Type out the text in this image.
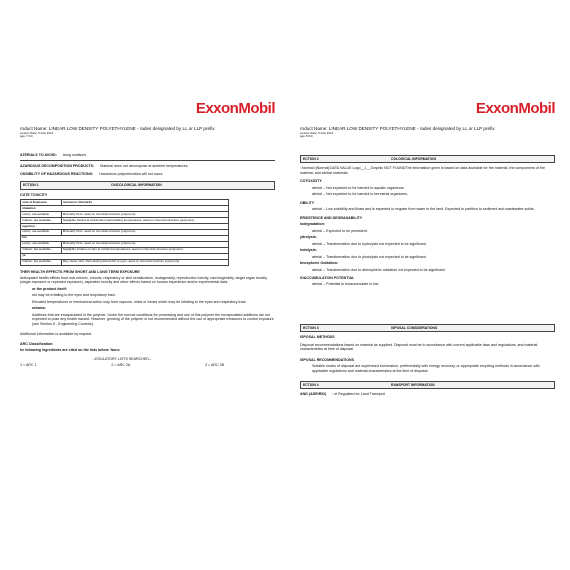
ExxonMobil
roduct Name: LINEAR LOW DENSITY POLYETHYLENE - rades designated by LL or LLP prefix
evision Date: 5 Feb 2012
age 7 f10
ATERIALS TO AVOID: trong oxidisers
AZARDOUS DECOMPOSITION PRODUCTS: Material does not decompose at ambient temperatures.
OSSIBILITY OF HAZARDOUS REACTIONS: Hazardous polymerization will not occur.
ECTION 1	OXICOLOGICAL INFORMATION

CUTE TOXICITY

oute of Exposure	onclusion / Remarks
nhalation	
oxicity: ata available.	Minimally Toxic. ased on chemical structure (polymers).
rritation: ata available.	Negligible hazard at ambient/normal handling temperatures. ased on chemical structure (polymers).
ngestion	
oxicity: ata available.	Minimally Toxic. ased on chemical structure (polymers).
kin	
oxicity: ata available.	Minimally Toxic. ased on chemical structure (polymers).
rritation: ata available.	Negligible irritation to skin at ambient temperatures. ased on chemical structure (polymers).
ye	
rritation: ata available.	May cause mild, short-lasting discomfort to eyes. ased on chemical structure (polymers).

THER HEALTH EFFECTS FROM SHORT AND LONG TERM EXPOSURE

Anticipated health effects from sub-chronic, chronic, respiratory or skin sensitization, mutagenicity, reproductive toxicity, carcinogenicity, target organ toxicity (single exposure or repeated exposure), aspiration toxicity and other effects based on human experience and/or experimental data.

or the product itself:

ust may be irritating to the eyes and respiratory tract.

Elevated temperatures or mechanical action may form vapours, mists or fumes which may be irritating to the eyes and respiratory tract.

ontains:

Additives that are encapsulated in the polymer. Under the normal conditions for processing and use of this polymer the encapsulated additives are not expected to pose any health hazard. However, grinding of the polymer is not recommended without the use of appropriate measures to control exposure (see Section 8 - Engineering Controls).

Additional information is available by request.

ARC Classification:

he following ingredients are cited on the lists below: None.

--EGULATORY LISTS SEARCHED--

1 = ARC 1	2 = ARC 2A	3 = ARC 2B
ExxonMobil
roduct Name: LINEAR LOW DENSITY POLYETHYLENE - rades designated by LL or LLP prefix
evision Date: 5 Feb 2012
age 8 f10
ECTION 2	COLOGICAL INFORMATION

::Normal::[Normal]:DATA VALUE Logo__1__Graphic NOT FOUNDThe information given is based on data available for the material, the components of the material, and similar materials.

COTOXICITY

aterial -- Not expected to be harmful to aquatic organisms.

aterial -- Not expected to be harmful to terrestrial organisms.

OBILITY

aterial -- Low solubility and floats and is expected to migrate from water to the land. Expected to partition to sediment and wastewater solids.

ERSISTENCE AND DEGRADABILITY

iodegradation:

aterial -- Expected to be persistent.

ydrolysis:

aterial -- Transformation due to hydrolysis not expected to be significant.

hotolysis:

aterial -- Transformation due to photolysis not expected to be significant.

tmospheric Oxidation:

aterial -- Transformation due to atmospheric oxidation not expected to be significant.

IOACCUMULATION POTENTIAL

aterial -- Potential to bioaccumulate is low.

ECTION 3	ISPOSAL CONSIDERATIONS

ISPOSAL METHODS

Disposal recommendations based on material as supplied. Disposal must be in accordance with current applicable laws and regulations, and material characteristics at time of disposal.

ISPOSAL RECOMMENDATIONS

Suitable routes of disposal are supervised incineration, preferentially with energy recovery, or appropriate recycling methods in accordance with applicable regulations and material characteristics at the time of disposal.

ECTION 4	RANSPORT INFORMATION
AND (ADR/RID) : ot Regulated for Land Transport
